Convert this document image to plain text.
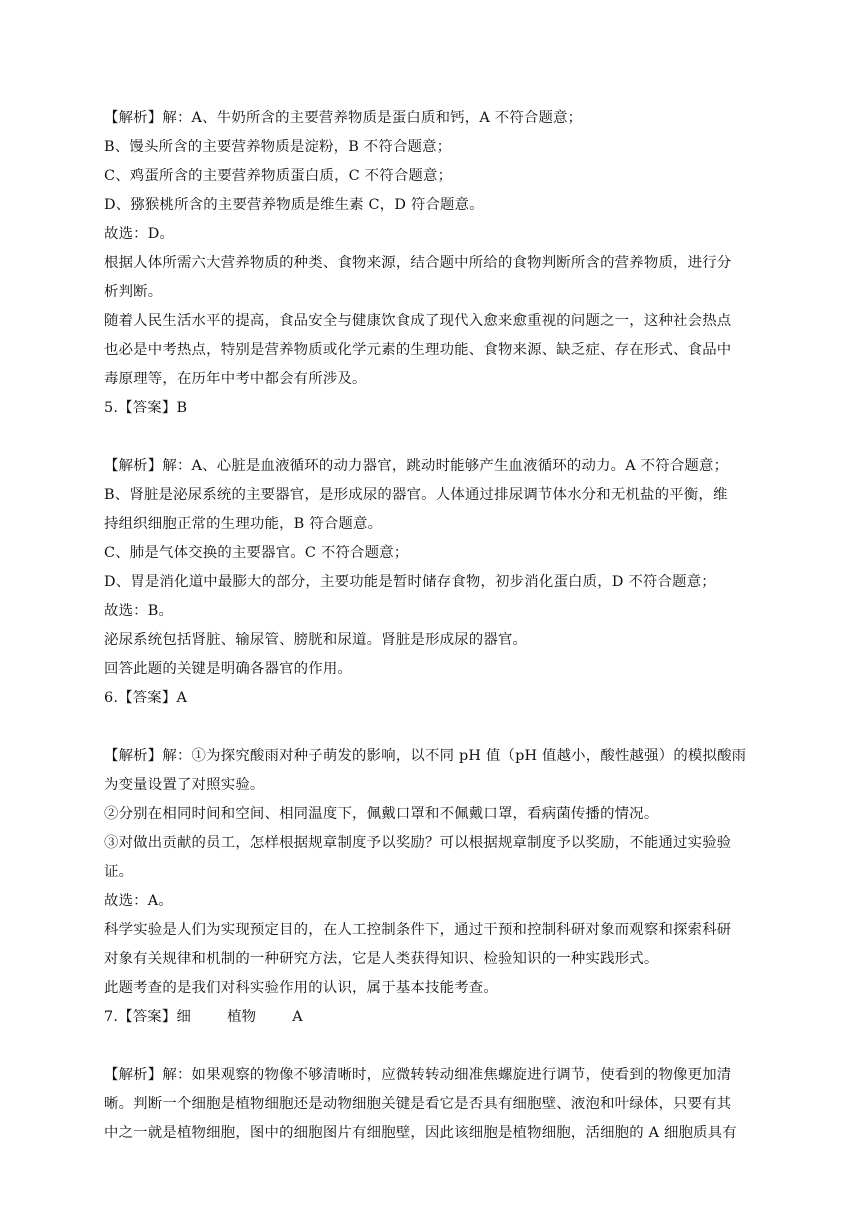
【解析】解：A、牛奶所含的主要营养物质是蛋白质和钙，A 不符合题意；
B、馒头所含的主要营养物质是淀粉，B 不符合题意；
C、鸡蛋所含的主要营养物质蛋白质，C 不符合题意；
D、猕猴桃所含的主要营养物质是维生素 C，D 符合题意。
故选：D。
根据人体所需六大营养物质的种类、食物来源，结合题中所给的食物判断所含的营养物质，进行分
析判断。
随着人民生活水平的提高，食品安全与健康饮食成了现代入愈来愈重视的问题之一，这种社会热点
也必是中考热点，特别是营养物质或化学元素的生理功能、食物来源、缺乏症、存在形式、食品中
毒原理等，在历年中考中都会有所涉及。
5.【答案】B
【解析】解：A、心脏是血液循环的动力器官，跳动时能够产生血液循环的动力。A 不符合题意；
B、肾脏是泌尿系统的主要器官，是形成尿的器官。人体通过排尿调节体水分和无机盐的平衡，维
持组织细胞正常的生理功能，B 符合题意。
C、肺是气体交换的主要器官。C 不符合题意；
D、胃是消化道中最膨大的部分，主要功能是暂时储存食物，初步消化蛋白质，D 不符合题意；
故选：B。
泌尿系统包括肾脏、输尿管、膀胱和尿道。肾脏是形成尿的器官。
回答此题的关键是明确各器官的作用。
6.【答案】A
【解析】解：①为探究酸雨对种子萌发的影响，以不同 pH 值（pH 值越小，酸性越强）的模拟酸雨
为变量设置了对照实验。
②分别在相同时间和空间、相同温度下，佩戴口罩和不佩戴口罩，看病菌传播的情况。
③对做出贡献的员工，怎样根据规章制度予以奖励？可以根据规章制度予以奖励，不能通过实验验
证。
故选：A。
科学实验是人们为实现预定目的，在人工控制条件下，通过干预和控制科研对象而观察和探索科研
对象有关规律和机制的一种研究方法，它是人类获得知识、检验知识的一种实践形式。
此题考查的是我们对科实验作用的认识，属于基本技能考查。
7.【答案】细	植物	A
【解析】解：如果观察的物像不够清晰时，应微转转动细准焦螺旋进行调节，使看到的物像更加清
晰。判断一个细胞是植物细胞还是动物细胞关键是看它是否具有细胞壁、液泡和叶绿体，只要有其
中之一就是植物细胞，图中的细胞图片有细胞壁，因此该细胞是植物细胞，活细胞的 A 细胞质具有
